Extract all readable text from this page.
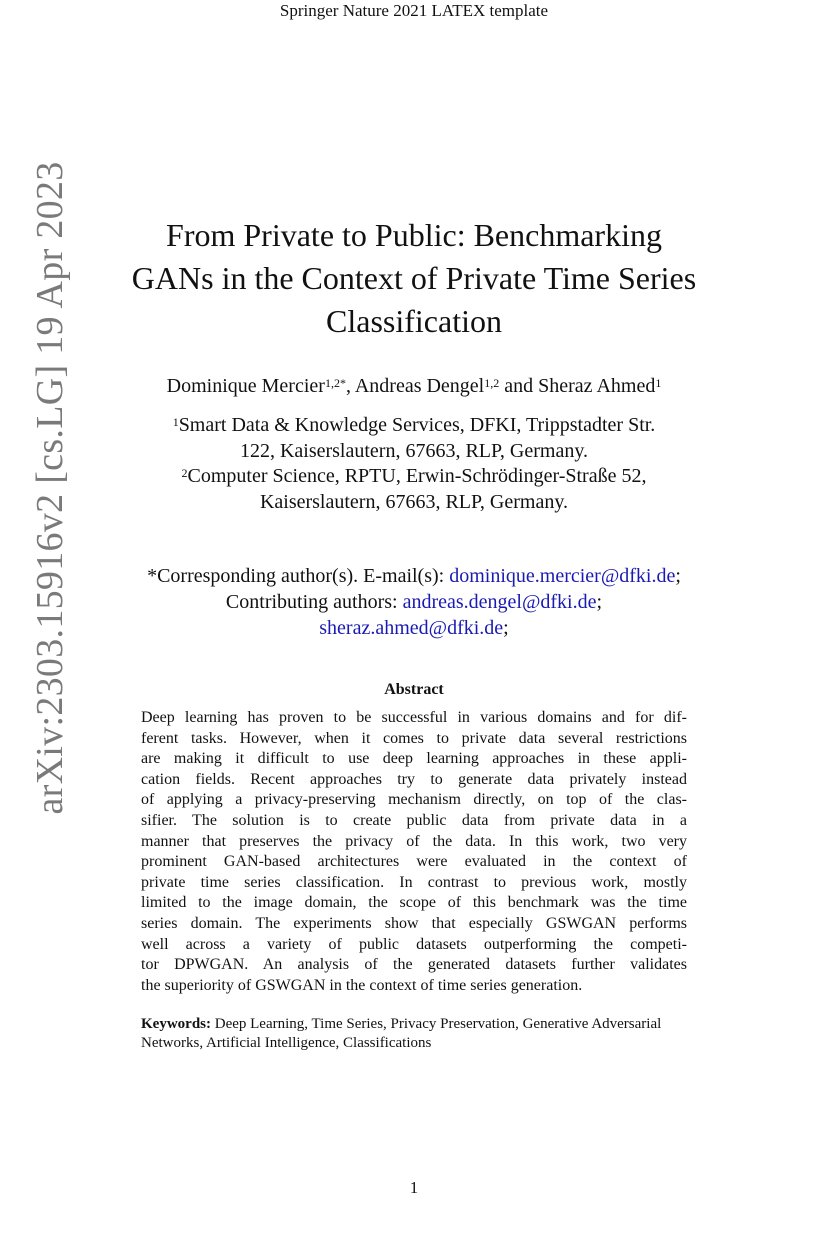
Springer Nature 2021 LATEX template
arXiv:2303.15916v2 [cs.LG] 19 Apr 2023	From Private to Public: Benchmarking
GANs in the Context of Private Time Series
Classification
Dominique Mercier$^{1,2*}$, Andreas Dengel$^{1,2}$ and Sheraz Ahmed$^1$
$^1$Smart Data & Knowledge Services, DFKI, Trippstadter Str.
122, Kaiserslautern, 67663, RLP, Germany.
$^2$Computer Science, RPTU, Erwin-Schrödinger-Straße 52,
Kaiserslautern, 67663, RLP, Germany.
*Corresponding author(s). E-mail(s): dominique.mercier@dfki.de;
Contributing authors: andreas.dengel@dfki.de;
sheraz.ahmed@dfki.de;
Abstract
Deep learning has proven to be successful in various domains and for dif-
ferent tasks. However, when it comes to private data several restrictions
are making it difficult to use deep learning approaches in these appli-
cation fields. Recent approaches try to generate data privately instead
of applying a privacy-preserving mechanism directly, on top of the clas-
sifier. The solution is to create public data from private data in a
manner that preserves the privacy of the data. In this work, two very
prominent GAN-based architectures were evaluated in the context of
private time series classification. In contrast to previous work, mostly
limited to the image domain, the scope of this benchmark was the time
series domain. The experiments show that especially GSWGAN performs
well across a variety of public datasets outperforming the competi-
tor DPWGAN. An analysis of the generated datasets further validates
the superiority of GSWGAN in the context of time series generation.
Keywords: Deep Learning, Time Series, Privacy Preservation, Generative Adversarial Networks, Artificial Intelligence, Classifications
1
